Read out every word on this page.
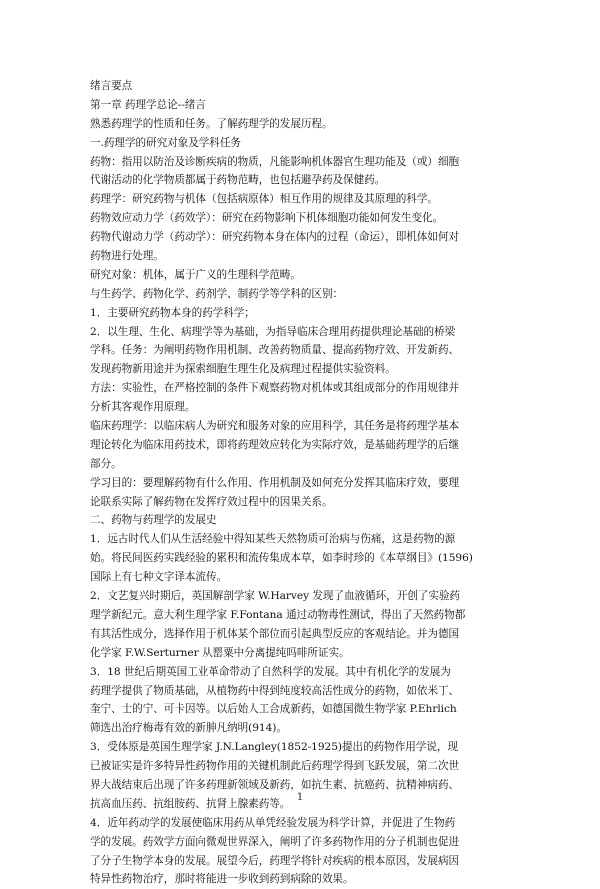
绪言要点
第一章 药理学总论--绪言
熟悉药理学的性质和任务。了解药理学的发展历程。
一.药理学的研究对象及学科任务
药物：指用以防治及诊断疾病的物质，凡能影响机体器官生理功能及（或）细胞
代谢活动的化学物质都属于药物范畴，也包括避孕药及保健药。
药理学：研究药物与机体（包括病原体）相互作用的规律及其原理的科学。
药物效应动力学（药效学）：研究在药物影响下机体细胞功能如何发生变化。
药物代谢动力学（药动学）：研究药物本身在体内的过程（命运），即机体如何对
药物进行处理。
研究对象：机体，属于广义的生理科学范畴。
与生药学、药物化学、药剂学、制药学等学科的区别：
1．主要研究药物本身的药学科学；
2．以生理、生化、病理学等为基础，为指导临床合理用药提供理论基础的桥梁
学科。任务：为阐明药物作用机制、改善药物质量、提高药物疗效、开发新药、
发现药物新用途并为探索细胞生理生化及病理过程提供实验资料。
方法：实验性，在严格控制的条件下观察药物对机体或其组成部分的作用规律并
分析其客观作用原理。
临床药理学：以临床病人为研究和服务对象的应用科学，其任务是将药理学基本
理论转化为临床用药技术，即将药理效应转化为实际疗效，是基础药理学的后继
部分。
学习目的：要理解药物有什么作用、作用机制及如何充分发挥其临床疗效，要理
论联系实际了解药物在发挥疗效过程中的因果关系。
二、药物与药理学的发展史
1．远古时代人们从生活经验中得知某些天然物质可治病与伤痛，这是药物的源
始。将民间医药实践经验的累积和流传集成本草，如李时珍的《本草纲目》(1596)
国际上有七种文字译本流传。
2．文艺复兴时期后，英国解剖学家 W.Harvey 发现了血液循环，开创了实验药
理学新纪元。意大利生理学家 F.Fontana 通过动物毒性测试，得出了天然药物都
有其活性成分，选择作用于机体某个部位而引起典型反应的客观结论。并为德国
化学家 F.W.Serturner 从罂粟中分离提纯吗啡所证实。
3．18 世纪后期英国工业革命带动了自然科学的发展。其中有机化学的发展为
药理学提供了物质基础，从植物药中得到纯度较高活性成分的药物，如依米丁、
奎宁、士的宁、可卡因等。以后始人工合成新药，如德国微生物学家 P.Ehrlich
筛选出治疗梅毒有效的新胂凡纳明(914)。
3．受体原是英国生理学家 J.N.Langley(1852-1925)提出的药物作用学说，现
已被证实是许多特异性药物作用的关键机制此后药理学得到飞跃发展，第二次世
界大战结束后出现了许多药理新领域及新药，如抗生素、抗癌药、抗精神病药、
抗高血压药、抗组胺药、抗肾上腺素药等。
4．近年药动学的发展使临床用药从单凭经验发展为科学计算，并促进了生物药
学的发展。药效学方面向微观世界深入，阐明了许多药物作用的分子机制也促进
了分子生物学本身的发展。展望今后，药理学将针对疾病的根本原因，发展病因
特异性药物治疗，那时将能进一步收到药到病除的效果。
1
